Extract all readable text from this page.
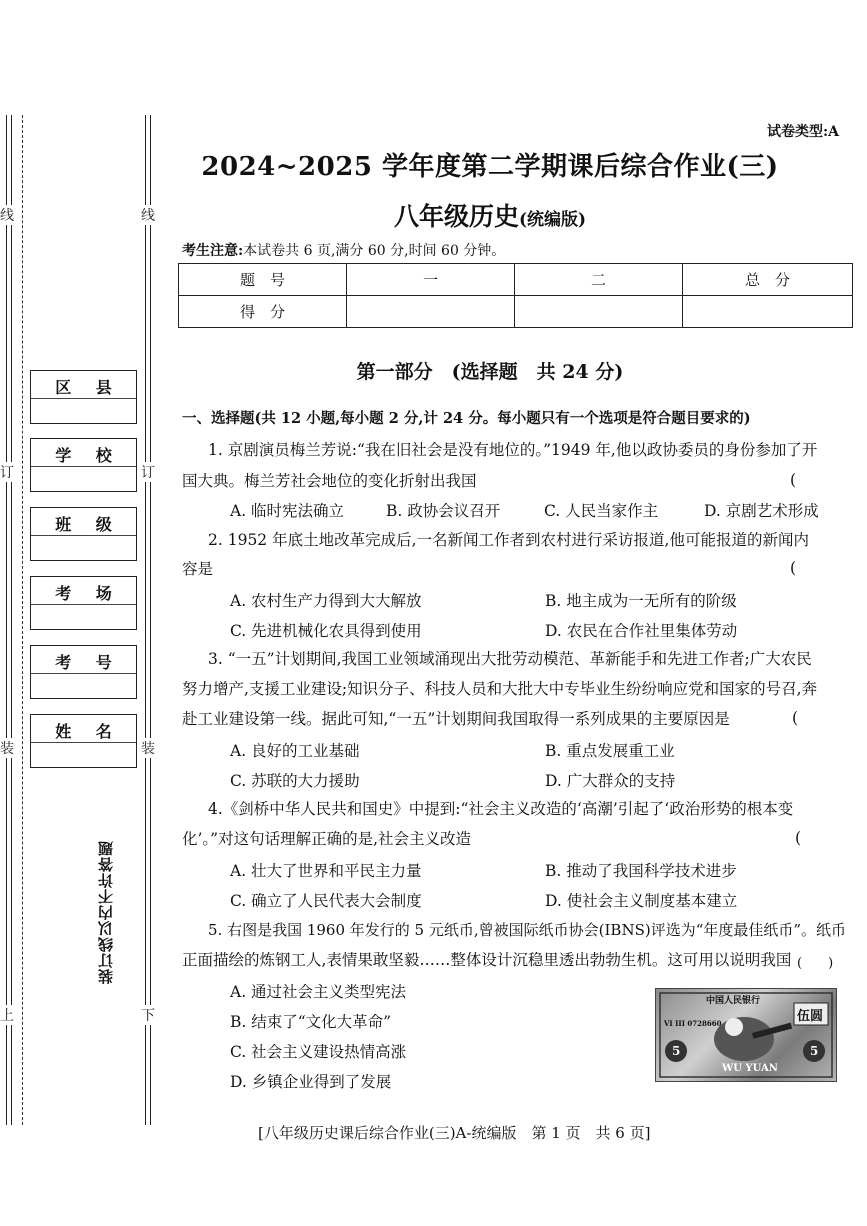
线
订
装
上
线
订
装
下
区 县
学 校
班 级
考 场
考 号
姓 名
装订线以内不许答题
试卷类型:A
2024~2025 学年度第二学期课后综合作业(三)
八年级历史(统编版)
考生注意:本试卷共 6 页,满分 60 分,时间 60 分钟。
题　号	一	二	总　分
得　分			
第一部分　(选择题　共 24 分)
一、选择题(共 12 小题,每小题 2 分,计 24 分。每小题只有一个选项是符合题目要求的)
1. 京剧演员梅兰芳说:“我在旧社会是没有地位的。”1949 年,他以政协委员的身份参加了开
国大典。梅兰芳社会地位的变化折射出我国	(
A. 临时宪法确立	B. 政协会议召开	C. 人民当家作主	D. 京剧艺术形成
2. 1952 年底土地改革完成后,一名新闻工作者到农村进行采访报道,他可能报道的新闻内
容是	(
A. 农村生产力得到大大解放	B. 地主成为一无所有的阶级
C. 先进机械化农具得到使用	D. 农民在合作社里集体劳动
3. “一五”计划期间,我国工业领域涌现出大批劳动模范、革新能手和先进工作者;广大农民
努力增产,支援工业建设;知识分子、科技人员和大批大中专毕业生纷纷响应党和国家的号召,奔
赴工业建设第一线。据此可知,“一五”计划期间我国取得一系列成果的主要原因是	(
A. 良好的工业基础	B. 重点发展重工业
C. 苏联的大力援助	D. 广大群众的支持
4.《剑桥中华人民共和国史》中提到:“社会主义改造的‘高潮’引起了‘政治形势的根本变
化’。”对这句话理解正确的是,社会主义改造	(
A. 壮大了世界和平民主力量	B. 推动了我国科学技术进步
C. 确立了人民代表大会制度	D. 使社会主义制度基本建立
5. 右图是我国 1960 年发行的 5 元纸币,曾被国际纸币协会(IBNS)评选为“年度最佳纸币”。纸币
正面描绘的炼钢工人,表情果敢坚毅……整体设计沉稳里透出勃勃生机。这可用以说明我国 (　　)
A. 通过社会主义类型宪法
B. 结束了“文化大革命”
C. 社会主义建设热情高涨
D. 乡镇企业得到了发展
中国人民银行
VI III 0728660	伍圆
WU YUAN
5	5
[八年级历史课后综合作业(三)A-统编版　第 1 页　共 6 页]
